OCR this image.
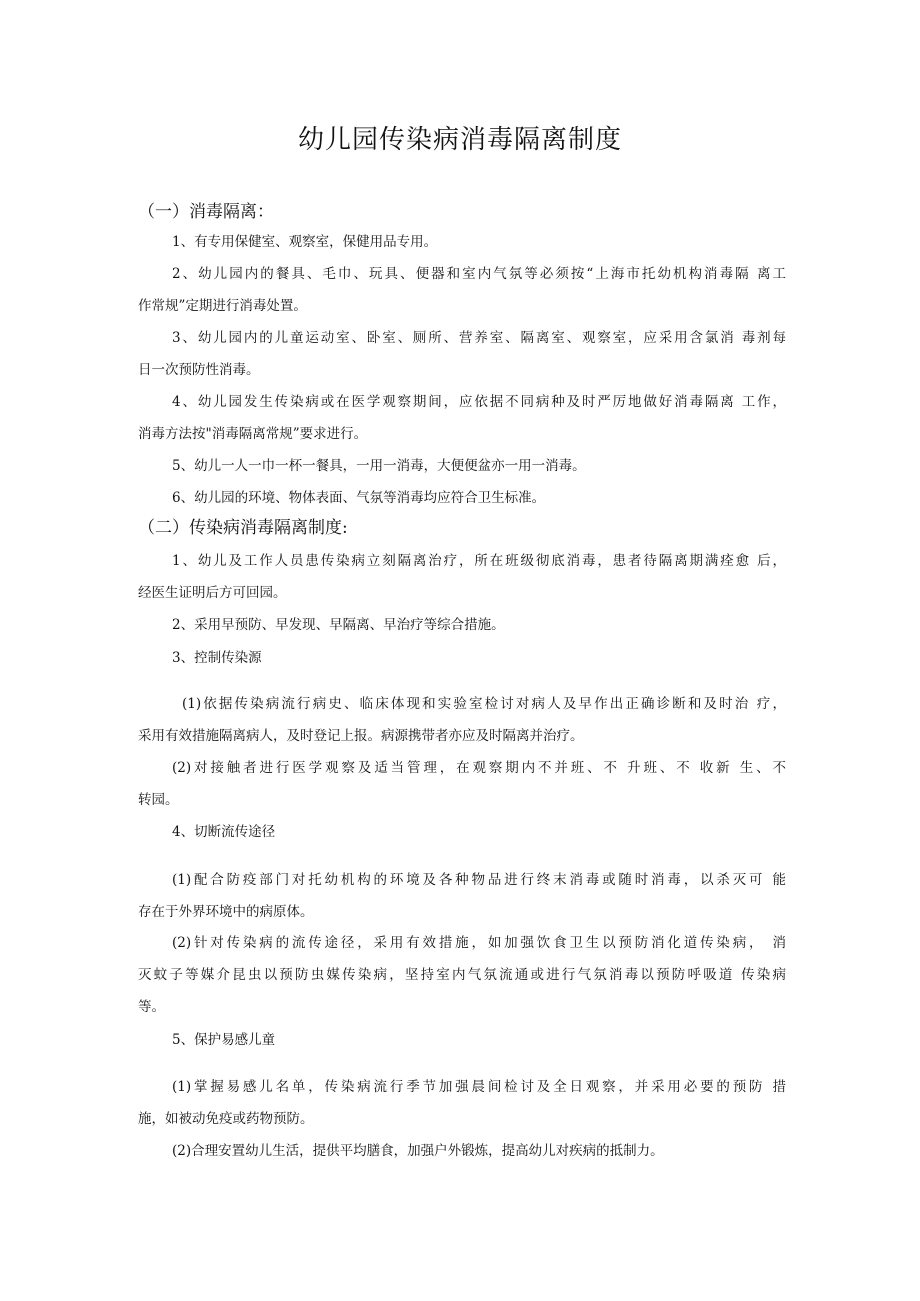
幼儿园传染病消毒隔离制度
（一）消毒隔离：
1、有专用保健室、观察室，保健用品专用。
2、幼儿园内的餐具、毛巾、玩具、便器和室内气氛等必须按“上海市托幼机构消毒隔 离工
作常规”定期进行消毒处置。
3、幼儿园内的儿童运动室、卧室、厕所、营养室、隔离室、观察室，应采用含氯消 毒剂每
日一次预防性消毒。
4、幼儿园发生传染病或在医学观察期间，应依据不同病种及时严厉地做好消毒隔离 工作，
消毒方法按"消毒隔离常规”要求进行。
5、幼儿一人一巾一杯一餐具，一用一消毒，大便便盆亦一用一消毒。
6、幼儿园的环境、物体表面、气氛等消毒均应符合卫生标准。
（二）传染病消毒隔离制度:
1、幼儿及工作人员患传染病立刻隔离治疗，所在班级彻底消毒，患者待隔离期满痊愈 后，
经医生证明后方可回园。
2、采用早预防、早发现、早隔离、早治疗等综合措施。
3、控制传染源
(1)依据传染病流行病史、临床体现和实验室检讨对病人及早作出正确诊断和及时治 疗，
采用有效措施隔离病人，及时登记上报。病源携带者亦应及时隔离并治疗。
(2)对接触者进行医学观察及适当管理，在观察期内不并班、不 升班、不 收新 生、不
转园。
4、切断流传途径
(1)配合防疫部门对托幼机构的环境及各种物品进行终末消毒或随时消毒，以杀灭可 能
存在于外界环境中的病原体。
(2)针对传染病的流传途径，采用有效措施，如加强饮食卫生以预防消化道传染病， 消
灭蚊子等媒介昆虫以预防虫媒传染病，坚持室内气氛流通或进行气氛消毒以预防呼吸道 传染病
等。
5、保护易感儿童
(1)掌握易感儿名单，传染病流行季节加强晨间检讨及全日观察，并采用必要的预防 措
施，如被动免疫或药物预防。
(2)合理安置幼儿生活，提供平均膳食，加强户外锻炼，提高幼儿对疾病的抵制力。
